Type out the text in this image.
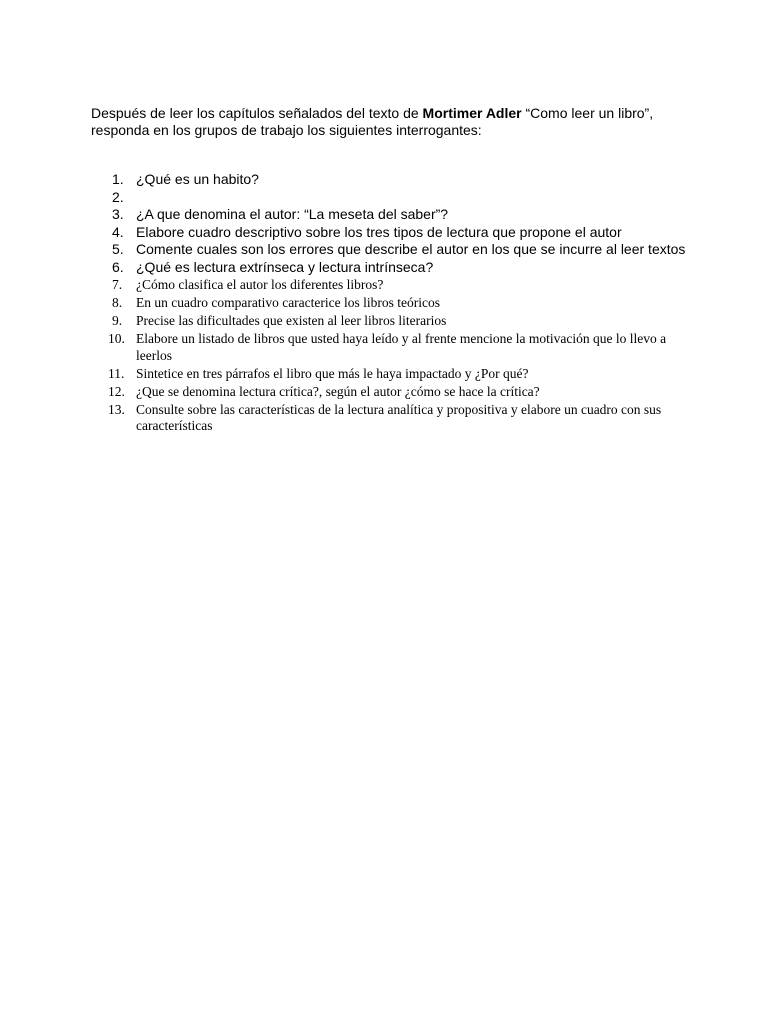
Después de leer los capítulos señalados del texto de Mortimer Adler “Como leer un libro”, responda en los grupos de trabajo los siguientes interrogantes:

1. ¿Qué es un habito?
2.

3. ¿A que denomina el autor: “La meseta del saber”?
4. Elabore cuadro descriptivo sobre los tres tipos de lectura que propone el autor
5. Comente cuales son los errores que describe el autor en los que se incurre al leer textos
6. ¿Qué es lectura extrínseca y lectura intrínseca?
7.	¿Cómo clasifica el autor los diferentes libros?
8.	En un cuadro comparativo caracterice los libros teóricos
9.	Precise las dificultades que existen al leer libros literarios
10. Elabore un listado de libros que usted haya leído y al frente mencione la motivación que lo llevo a leerlos
11. Sintetice en tres párrafos el libro que más le haya impactado y ¿Por qué?
12. ¿Que se denomina lectura crítica?, según el autor ¿cómo se hace la crítica?
13. Consulte sobre las características de la lectura analítica y propositiva y elabore un cuadro con sus características
